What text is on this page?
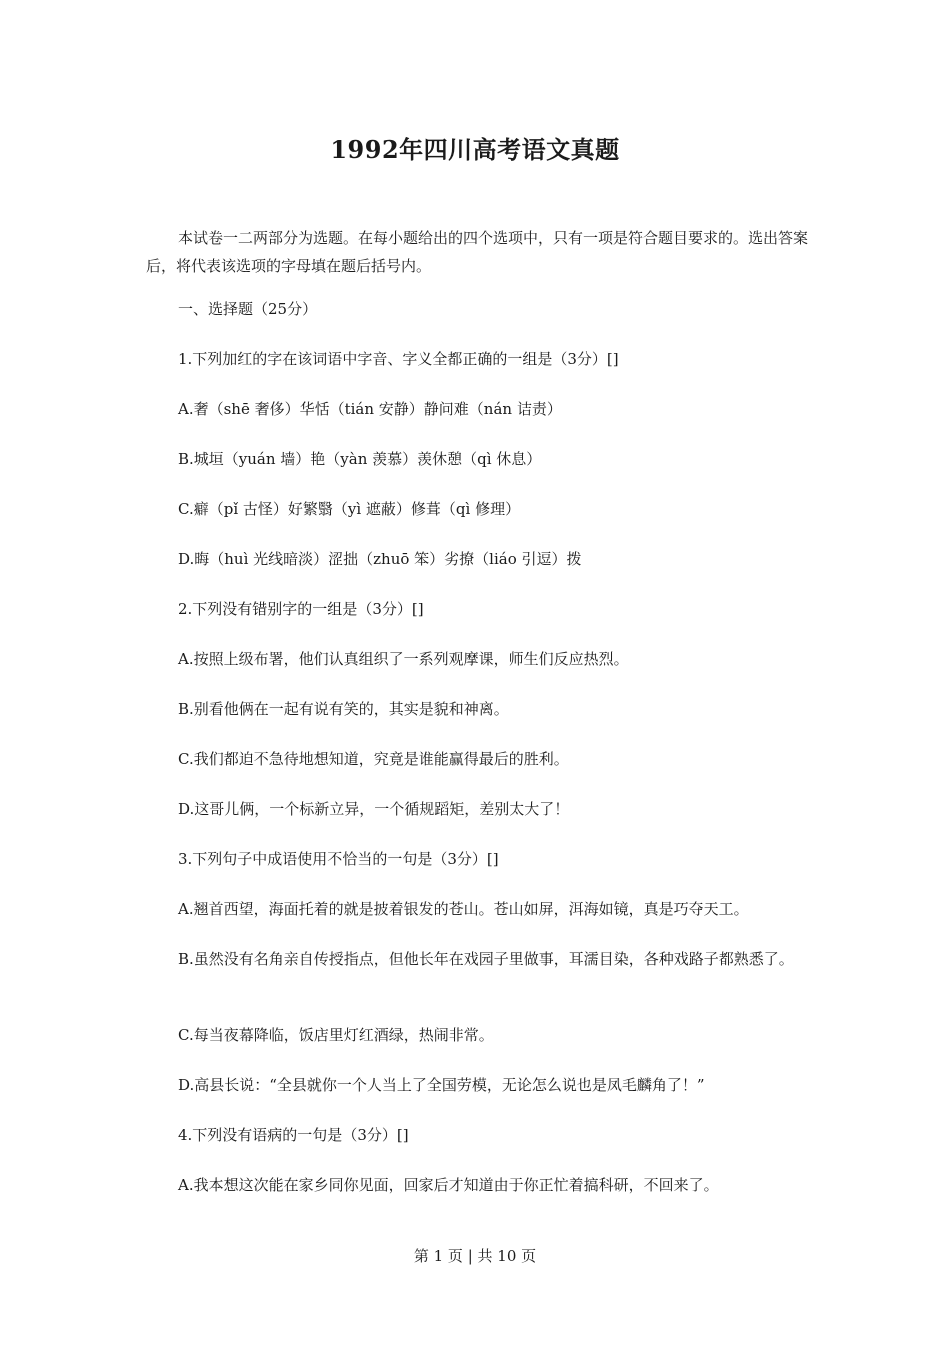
1992年四川高考语文真题
本试卷一二两部分为选题。在每小题给出的四个选项中，只有一项是符合题目要求的。选出答案后，将代表该选项的字母填在题后括号内。
一、选择题（25分）
1.下列加红的字在该词语中字音、字义全都正确的一组是（3分）[]
A.奢（shē 奢侈）华恬（tián 安静）静问难（nán 诘责）
B.城垣（yuán 墙）艳（yàn 羡慕）羡休憩（qì 休息）
C.癖（pǐ 古怪）好繁翳（yì 遮蔽）修葺（qì 修理）
D.晦（huì 光线暗淡）涩拙（zhuō 笨）劣撩（liáo 引逗）拨
2.下列没有错别字的一组是（3分）[]
A.按照上级布署，他们认真组织了一系列观摩课，师生们反应热烈。
B.别看他俩在一起有说有笑的，其实是貌和神离。
C.我们都迫不急待地想知道，究竟是谁能赢得最后的胜利。
D.这哥儿俩，一个标新立异，一个循规蹈矩，差别太大了！
3.下列句子中成语使用不恰当的一句是（3分）[]
A.翘首西望，海面托着的就是披着银发的苍山。苍山如屏，洱海如镜，真是巧夺天工。
B.虽然没有名角亲自传授指点，但他长年在戏园子里做事，耳濡目染，各种戏路子都熟悉了。
C.每当夜幕降临，饭店里灯红酒绿，热闹非常。
D.高县长说：“全县就你一个人当上了全国劳模，无论怎么说也是凤毛麟角了！”
4.下列没有语病的一句是（3分）[]
A.我本想这次能在家乡同你见面，回家后才知道由于你正忙着搞科研，不回来了。
第 1 页 | 共 10 页
